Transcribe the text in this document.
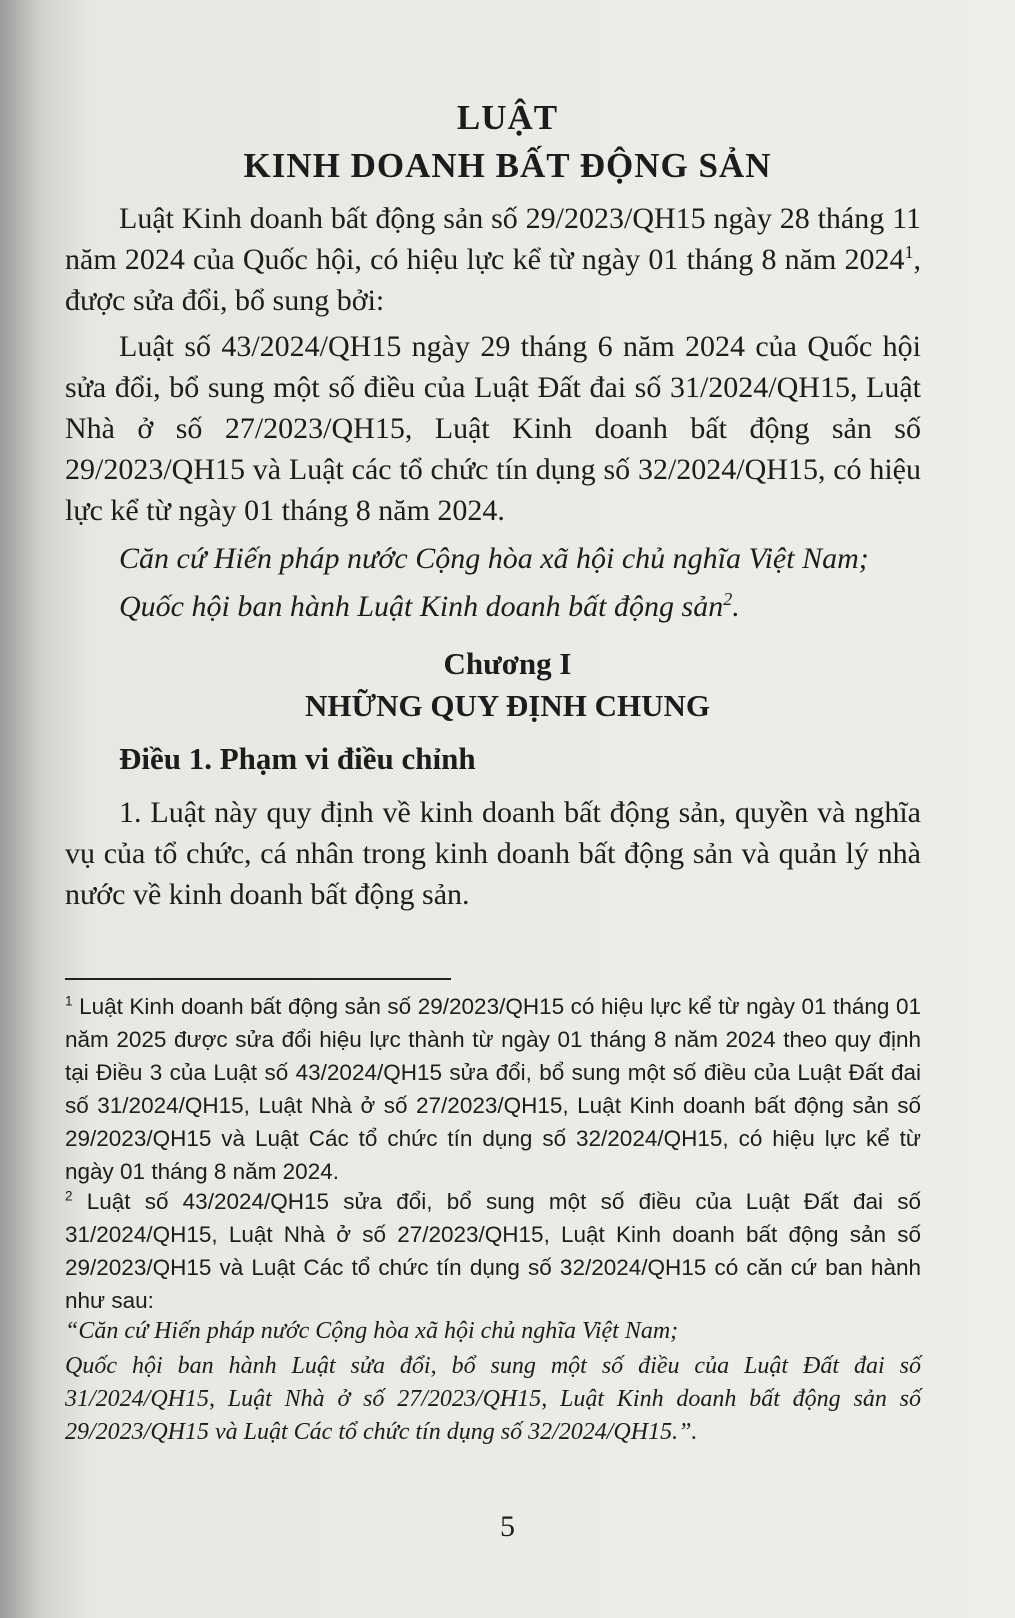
LUẬT
KINH DOANH BẤT ĐỘNG SẢN
Luật Kinh doanh bất động sản số 29/2023/QH15 ngày 28 tháng 11 năm 2024 của Quốc hội, có hiệu lực kể từ ngày 01 tháng 8 năm 2024$^1$, được sửa đổi, bổ sung bởi:
Luật số 43/2024/QH15 ngày 29 tháng 6 năm 2024 của Quốc hội sửa đổi, bổ sung một số điều của Luật Đất đai số 31/2024/QH15, Luật Nhà ở số 27/2023/QH15, Luật Kinh doanh bất động sản số 29/2023/QH15 và Luật các tổ chức tín dụng số 32/2024/QH15, có hiệu lực kể từ ngày 01 tháng 8 năm 2024.
Căn cứ Hiến pháp nước Cộng hòa xã hội chủ nghĩa Việt Nam;
Quốc hội ban hành Luật Kinh doanh bất động sản$^2$.
Chương I
NHỮNG QUY ĐỊNH CHUNG
Điều 1. Phạm vi điều chỉnh
1. Luật này quy định về kinh doanh bất động sản, quyền và nghĩa vụ của tổ chức, cá nhân trong kinh doanh bất động sản và quản lý nhà nước về kinh doanh bất động sản.
$^1$ Luật Kinh doanh bất động sản số 29/2023/QH15 có hiệu lực kể từ ngày 01 tháng 01 năm 2025 được sửa đổi hiệu lực thành từ ngày 01 tháng 8 năm 2024 theo quy định tại Điều 3 của Luật số 43/2024/QH15 sửa đổi, bổ sung một số điều của Luật Đất đai số 31/2024/QH15, Luật Nhà ở số 27/2023/QH15, Luật Kinh doanh bất động sản số 29/2023/QH15 và Luật Các tổ chức tín dụng số 32/2024/QH15, có hiệu lực kể từ ngày 01 tháng 8 năm 2024.
$^2$ Luật số 43/2024/QH15 sửa đổi, bổ sung một số điều của Luật Đất đai số 31/2024/QH15, Luật Nhà ở số 27/2023/QH15, Luật Kinh doanh bất động sản số 29/2023/QH15 và Luật Các tổ chức tín dụng số 32/2024/QH15 có căn cứ ban hành như sau:
“Căn cứ Hiến pháp nước Cộng hòa xã hội chủ nghĩa Việt Nam;
Quốc hội ban hành Luật sửa đổi, bổ sung một số điều của Luật Đất đai số 31/2024/QH15, Luật Nhà ở số 27/2023/QH15, Luật Kinh doanh bất động sản số 29/2023/QH15 và Luật Các tổ chức tín dụng số 32/2024/QH15.”.
5
